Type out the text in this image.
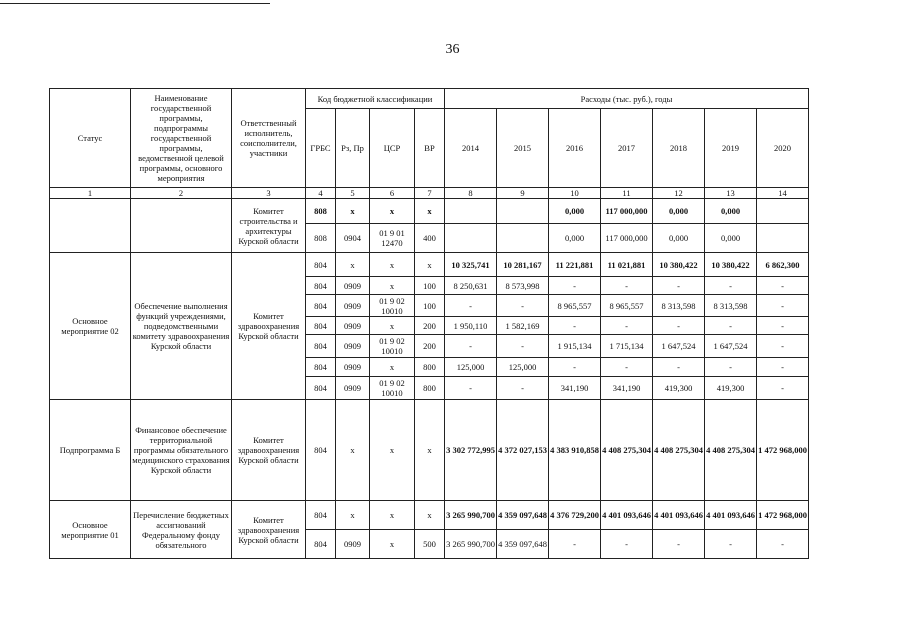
36
Статус	Наименование государственной программы, подпрограммы государственной программы, ведомственной целевой программы, основного мероприятия	Ответственный исполнитель, соисполнители, участники	Код бюджетной классификации				Расходы (тыс. руб.), годы						
			ГРБС	Рз, Пр	ЦСР	ВР	2014	2015	2016	2017	2018	2019	2020
1	2	3	4	5	6	7	8	9	10	11	12	13	14
		Комитет строительства и архитектуры Курской области	808	х	х	х			0,000	117 000,000	0,000	0,000	
			808	0904	01 9 01 12470	400			0,000	117 000,000	0,000	0,000	
Основное мероприятие 02	Обеспечение выполнения функций учреждениями, подведомственными комитету здравоохранения Курской области	Комитет здравоохранения Курской области	804	х	х	х	10 325,741	10 281,167	11 221,881	11 021,881	10 380,422	10 380,422	6 862,300
			804	0909	х	100	8 250,631	8 573,998	-	-	-	-	-
			804	0909	01 9 02 10010	100	-	-	8 965,557	8 965,557	8 313,598	8 313,598	-
			804	0909	х	200	1 950,110	1 582,169	-	-	-	-	-
			804	0909	01 9 02 10010	200	-	-	1 915,134	1 715,134	1 647,524	1 647,524	-
			804	0909	х	800	125,000	125,000	-	-	-	-	-
			804	0909	01 9 02 10010	800	-	-	341,190	341,190	419,300	419,300	-
Подпрограмма Б	Финансовое обеспечение территориальной программы обязательного медицинского страхования Курской области	Комитет здравоохранения Курской области	804	х	х	х	3 302 772,995	4 372 027,153	4 383 910,858	4 408 275,304	4 408 275,304	4 408 275,304	1 472 968,000
Основное мероприятие 01	Перечисление бюджетных ассигнований Федеральному фонду обязательного	Комитет здравоохранения Курской области	804	х	х	х	3 265 990,700	4 359 097,648	4 376 729,200	4 401 093,646	4 401 093,646	4 401 093,646	1 472 968,000
			804	0909	х	500	3 265 990,700	4 359 097,648	-	-	-	-	-
